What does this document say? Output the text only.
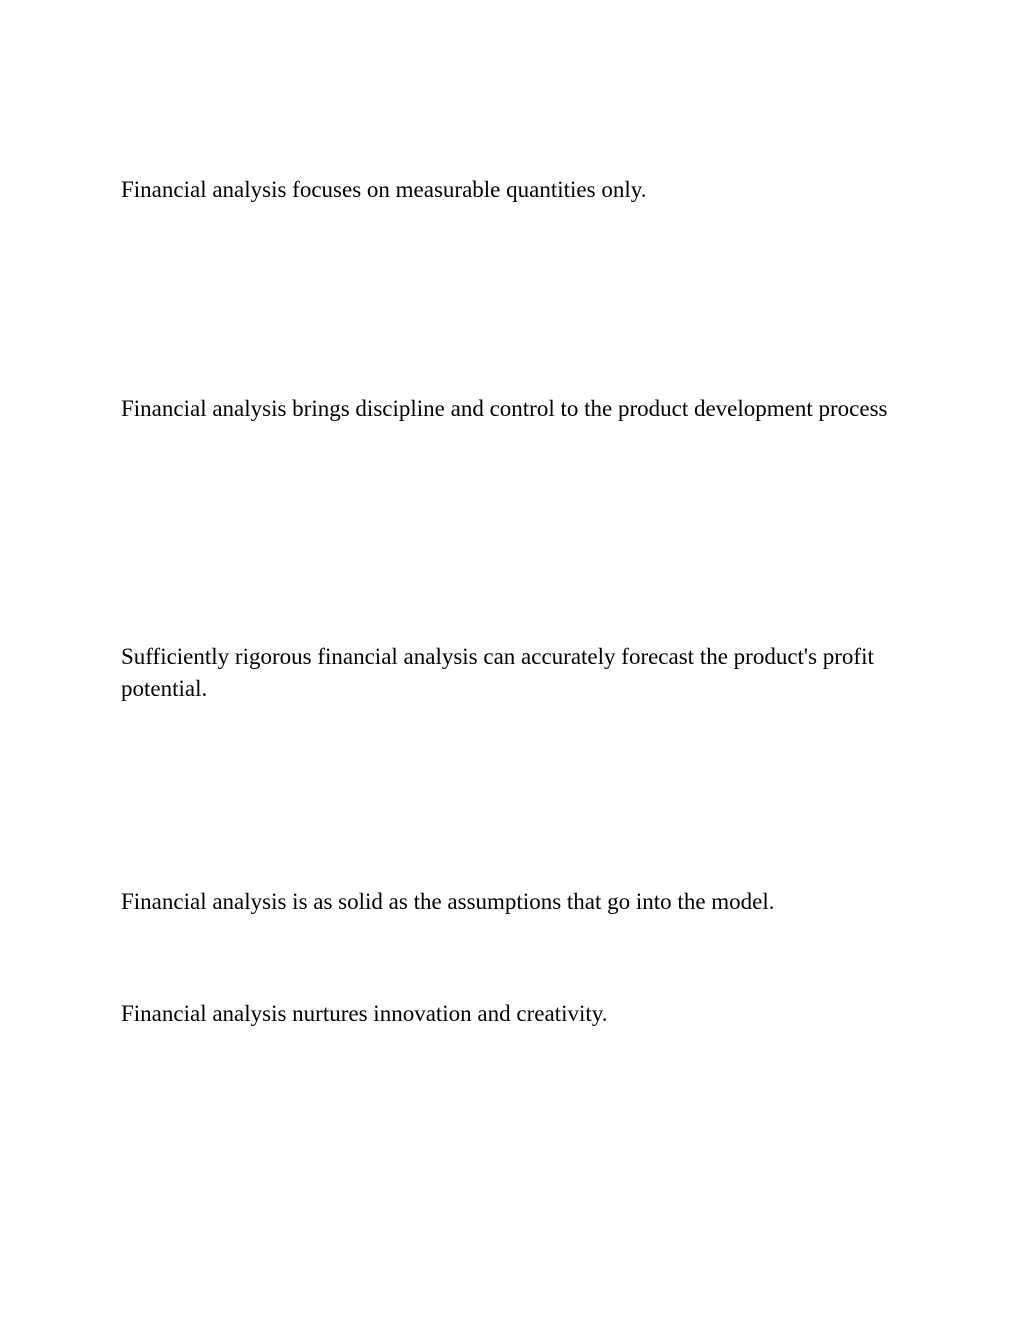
Financial analysis focuses on measurable quantities only.

Financial analysis brings discipline and control to the product development process

Sufficiently rigorous financial analysis can accurately forecast the product's profit potential.

Financial analysis is as solid as the assumptions that go into the model.

Financial analysis nurtures innovation and creativity.
